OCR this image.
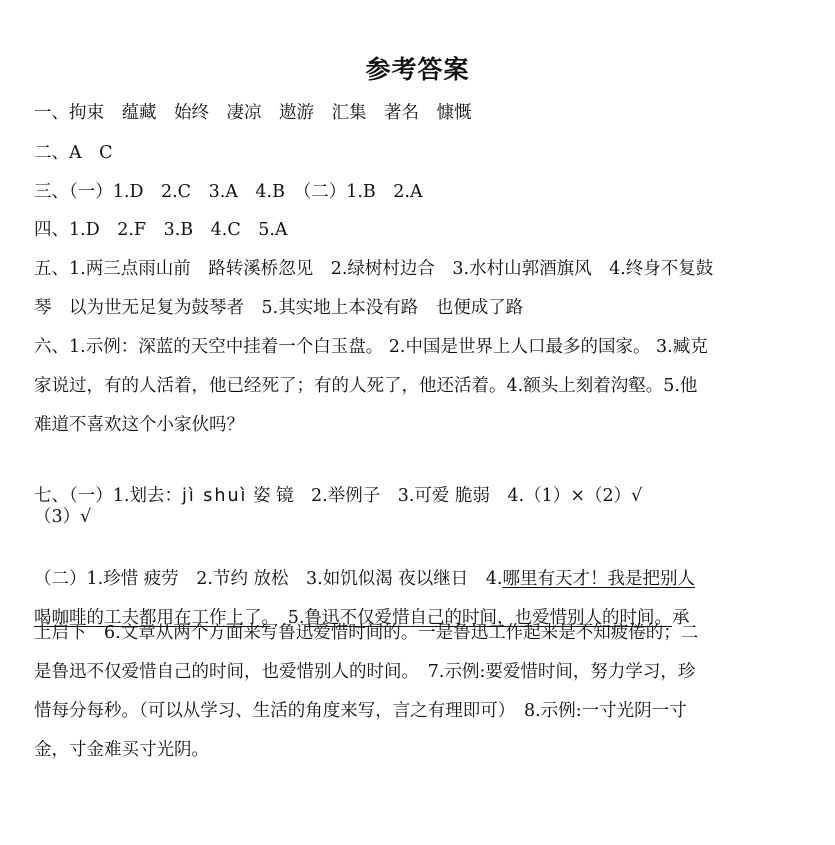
参考答案
一、拘束　蕴藏　始终　凄凉　遨游　汇集　著名　慷慨
二、A　C
三、（一）1.D　2.C　3.A　4.B　（二）1.B　2.A
四、1.D　2.F　3.B　4.C　5.A
五、1.两三点雨山前　路转溪桥忽见　2.绿树村边合　3.水村山郭酒旗风　4.终身不复鼓
琴　以为世无足复为鼓琴者　5.其实地上本没有路　也便成了路
六、1.示例：深蓝的天空中挂着一个白玉盘。 2.中国是世界上人口最多的国家。 3.臧克
家说过，有的人活着，他已经死了；有的人死了，他还活着。4.额头上刻着沟壑。5.他
难道不喜欢这个小家伙吗？

七、（一）1.划去：jì shuì 姿 镜　2.举例子　3.可爱 脆弱　4.（1）×（2）√

（3）√

（二）1.珍惜 疲劳　2.节约 放松　3.如饥似渴 夜以继日　4.哪里有天才！我是把别人

喝咖啡的工夫都用在工作上了。　5.鲁迅不仅爱惜自己的时间，也爱惜别人的时间。承

上启下　6.文章从两个方面来写鲁迅爱惜时间的。一是鲁迅工作起来是不知疲倦的；二
是鲁迅不仅爱惜自己的时间，也爱惜别人的时间。　7.示例:要爱惜时间，努力学习，珍
惜每分每秒。（可以从学习、生活的角度来写，言之有理即可）　8.示例:一寸光阴一寸
金，寸金难买寸光阴。
